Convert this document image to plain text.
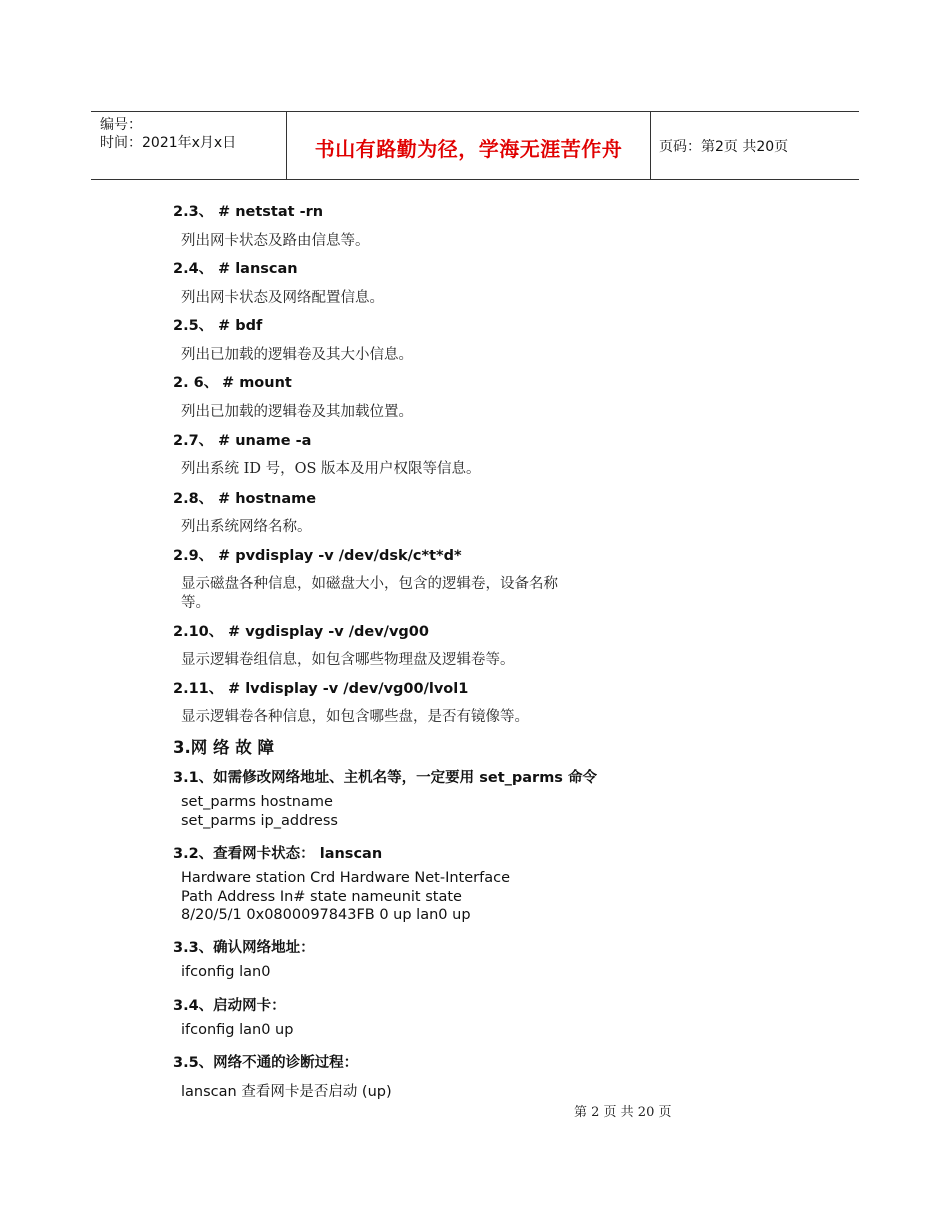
编号：
时间：2021年x月x日	书山有路勤为径，学海无涯苦作舟	页码：第2页 共20页
2.3、 # netstat -rn
列出网卡状态及路由信息等。
2.4、 # lanscan
列出网卡状态及网络配置信息。
2.5、 # bdf
列出已加载的逻辑卷及其大小信息。
2. 6、 # mount
列出已加载的逻辑卷及其加载位置。
2.7、 # uname -a
列出系统 ID 号，OS 版本及用户权限等信息。
2.8、 # hostname
列出系统网络名称。
2.9、 # pvdisplay -v /dev/dsk/c*t*d*
显示磁盘各种信息，如磁盘大小，包含的逻辑卷，设备名称
等。
2.10、 # vgdisplay -v /dev/vg00
显示逻辑卷组信息，如包含哪些物理盘及逻辑卷等。
2.11、 # lvdisplay -v /dev/vg00/lvol1
显示逻辑卷各种信息，如包含哪些盘，是否有镜像等。
3.网 络 故 障
3.1、如需修改网络地址、主机名等，一定要用 set_parms 命令
set_parms hostname
set_parms ip_address
3.2、查看网卡状态： lanscan
Hardware station Crd Hardware Net-Interface
Path Address In# state nameunit state
8/20/5/1 0x0800097843FB 0 up lan0 up
3.3、确认网络地址：
ifconfig lan0
3.4、启动网卡：
ifconfig lan0 up
3.5、网络不通的诊断过程：
lanscan 查看网卡是否启动 (up)
第 2 页 共 20 页
